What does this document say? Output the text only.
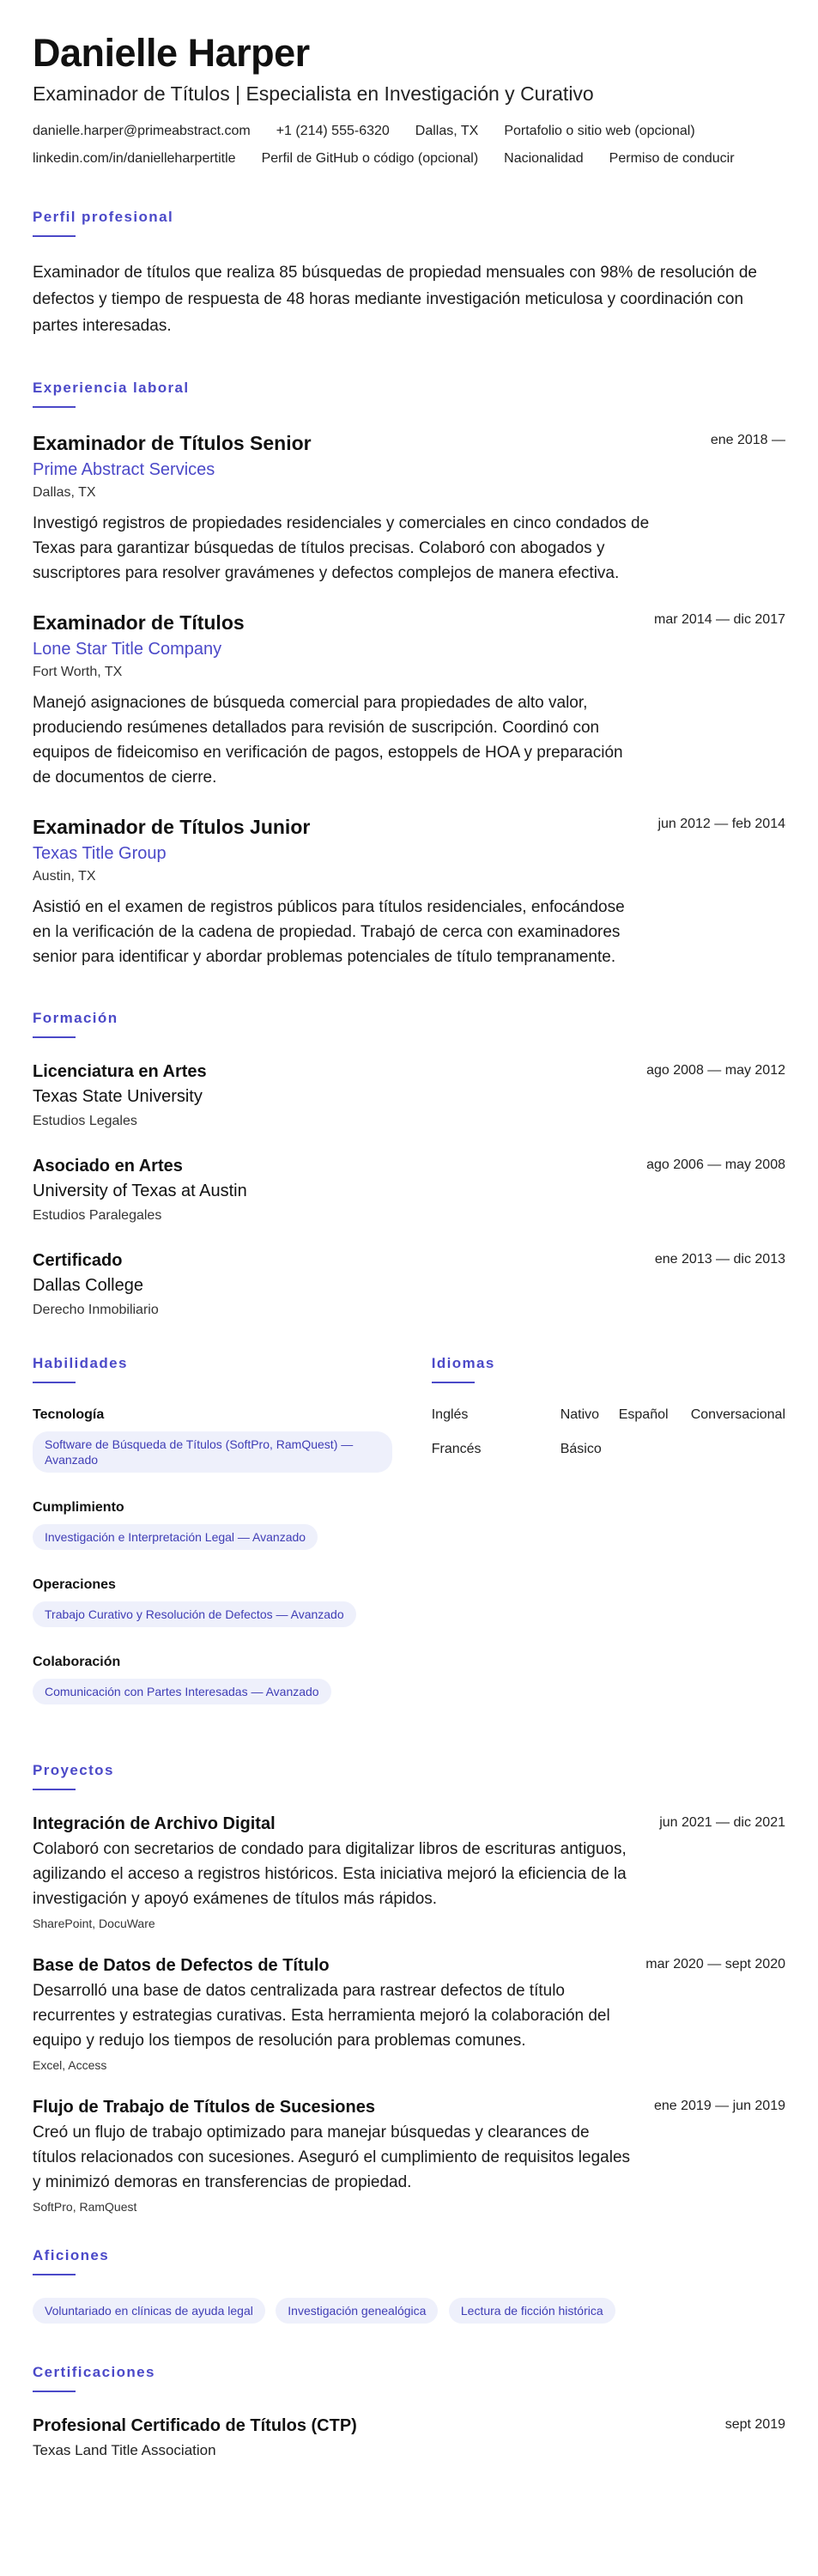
Danielle Harper
Examinador de Títulos | Especialista en Investigación y Curativo
danielle.harper@primeabstract.com +1 (214) 555-6320 Dallas, TX Portafolio o sitio web (opcional)
linkedin.com/in/danielleharpertitle Perfil de GitHub o código (opcional) Nacionalidad Permiso de conducir
Perfil profesional

Examinador de títulos que realiza 85 búsquedas de propiedad mensuales con 98% de resolución de defectos y tiempo de respuesta de 48 horas mediante investigación meticulosa y coordinación con partes interesadas.

Experiencia laboral
Examinador de Títulos Senior	ene 2018 —
Prime Abstract Services
Dallas, TX
Investigó registros de propiedades residenciales y comerciales en cinco condados de Texas para garantizar búsquedas de títulos precisas. Colaboró con abogados y suscriptores para resolver gravámenes y defectos complejos de manera efectiva.
Examinador de Títulos	mar 2014 — dic 2017
Lone Star Title Company
Fort Worth, TX
Manejó asignaciones de búsqueda comercial para propiedades de alto valor, produciendo resúmenes detallados para revisión de suscripción. Coordinó con equipos de fideicomiso en verificación de pagos, estoppels de HOA y preparación de documentos de cierre.
Examinador de Títulos Junior	jun 2012 — feb 2014
Texas Title Group
Austin, TX
Asistió en el examen de registros públicos para títulos residenciales, enfocándose en la verificación de la cadena de propiedad. Trabajó de cerca con examinadores senior para identificar y abordar problemas potenciales de título tempranamente.
Formación
Licenciatura en Artes	ago 2008 — may 2012
Texas State University
Estudios Legales
Asociado en Artes	ago 2006 — may 2008
University of Texas at Austin
Estudios Paralegales
Certificado	ene 2013 — dic 2013
Dallas College
Derecho Inmobiliario
Habilidades
Tecnología
Software de Búsqueda de Títulos (SoftPro, RamQuest) — Avanzado
Cumplimiento
Investigación e Interpretación Legal — Avanzado
Operaciones
Trabajo Curativo y Resolución de Defectos — Avanzado
Colaboración
Comunicación con Partes Interesadas — Avanzado
Idiomas
Inglés	Nativo	Español	Conversacional
Francés	Básico
Proyectos
Integración de Archivo Digital	jun 2021 — dic 2021
Colaboró con secretarios de condado para digitalizar libros de escrituras antiguos, agilizando el acceso a registros históricos. Esta iniciativa mejoró la eficiencia de la investigación y apoyó exámenes de títulos más rápidos.
SharePoint, DocuWare
Base de Datos de Defectos de Título	mar 2020 — sept 2020
Desarrolló una base de datos centralizada para rastrear defectos de título recurrentes y estrategias curativas. Esta herramienta mejoró la colaboración del equipo y redujo los tiempos de resolución para problemas comunes.
Excel, Access
Flujo de Trabajo de Títulos de Sucesiones	ene 2019 — jun 2019
Creó un flujo de trabajo optimizado para manejar búsquedas y clearances de títulos relacionados con sucesiones. Aseguró el cumplimiento de requisitos legales y minimizó demoras en transferencias de propiedad.
SoftPro, RamQuest
Aficiones
Voluntariado en clínicas de ayuda legal	Investigación genealógica	Lectura de ficción histórica
Certificaciones
Profesional Certificado de Títulos (CTP)	sept 2019
Texas Land Title Association
